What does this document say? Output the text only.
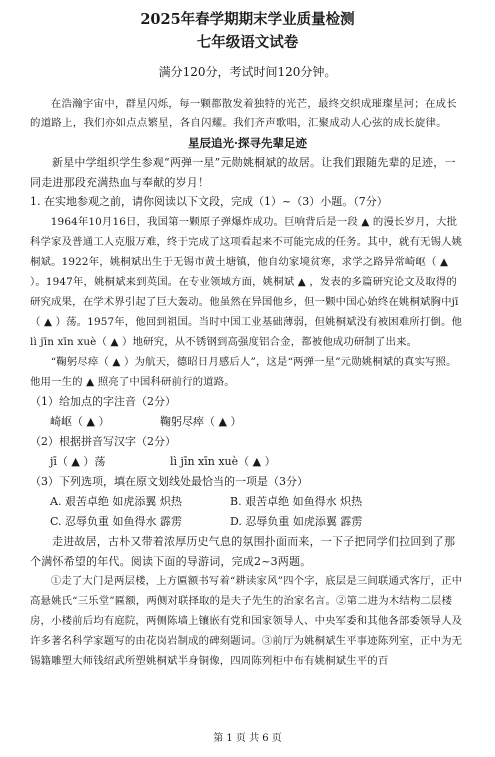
2025年春学期期末学业质量检测
七年级语文试卷
满分120分，考试时间120分钟。
在浩瀚宇宙中，群星闪烁，每一颗都散发着独特的光芒，最终交织成璀璨星河；在成长的道路上，我们亦如点点繁星，各自闪耀。我们齐声歌唱，汇聚成动人心弦的成长旋律。
星辰追光·探寻先辈足迹
新星中学组织学生参观“两弹一星”元勋姚桐斌的故居。让我们跟随先辈的足迹，一同走进那段充满热血与奉献的岁月！
1. 在实地参观之前，请你阅读以下文段，完成（1）~（3）小题。（7分）
1964年10月16日，我国第一颗原子弹爆炸成功。巨响背后是一段 ▲ 的漫长岁月，大批科学家及普通工人克服万难，终于完成了这项看起来不可能完成的任务。其中，就有无锡人姚桐斌。1922年，姚桐斌出生于无锡市黄土塘镇，他自幼家境贫寒，求学之路异常崎岖（ ▲ ）。1947年，姚桐斌来到英国。在专业领域方面，姚桐斌 ▲ ，发表的多篇研究论文及取得的研究成果，在学术界引起了巨大轰动。他虽然在异国他乡，但一颗中国心始终在姚桐斌胸中jī（ ▲ ）荡。1957年，他回到祖国。当时中国工业基础薄弱，但姚桐斌没有被困难所打倒。他lì jīn xīn xuè（ ▲ ）地研究，从不锈钢到高强度铝合金，都被他成功研制了出来。
“鞠躬尽瘁（ ▲ ）为航天，德昭日月感后人”，这是“两弹一星”元勋姚桐斌的真实写照。他用一生的 ▲ 照亮了中国科研前行的道路。
（1）给加点的字注音（2分）
崎岖（ ▲ ）	鞠躬尽瘁（ ▲ ）
（2）根据拼音写汉字（2分）
jī（ ▲ ）荡	lì jīn xīn xuè（ ▲ ）
（3）下列选项，填在原文划线处最恰当的一项是（3分）
A. 艰苦卓绝 如虎添翼 炽热	B. 艰苦卓绝 如鱼得水 炽热
C. 忍辱负重 如鱼得水 霹雳	D. 忍辱负重 如虎添翼 霹雳
走进故居，古朴又带着浓厚历史气息的氛围扑面而来，一下子把同学们拉回到了那个满怀希望的年代。阅读下面的导游词，完成2~3两题。
①走了大门是两层楼，上方匾额书写着“耕读家风”四个字，底层是三间联通式客厅，正中高悬姚氏“三乐堂”匾额，两侧对联择取的是夫子先生的治家名言。②第二进为木结构二层楼房，小楼前后均有庭院，两侧陈墙上镶嵌有党和国家领导人、中央军委和其他各部委领导人及许多著名科学家题写的由花岗岩制成的碑刻题词。③前厅为姚桐斌生平事迹陈列室，正中为无锡籍雕塑大师钱绍武所塑姚桐斌半身铜像，四周陈列柜中布有姚桐斌生平的百
第 1 页 共 6 页
